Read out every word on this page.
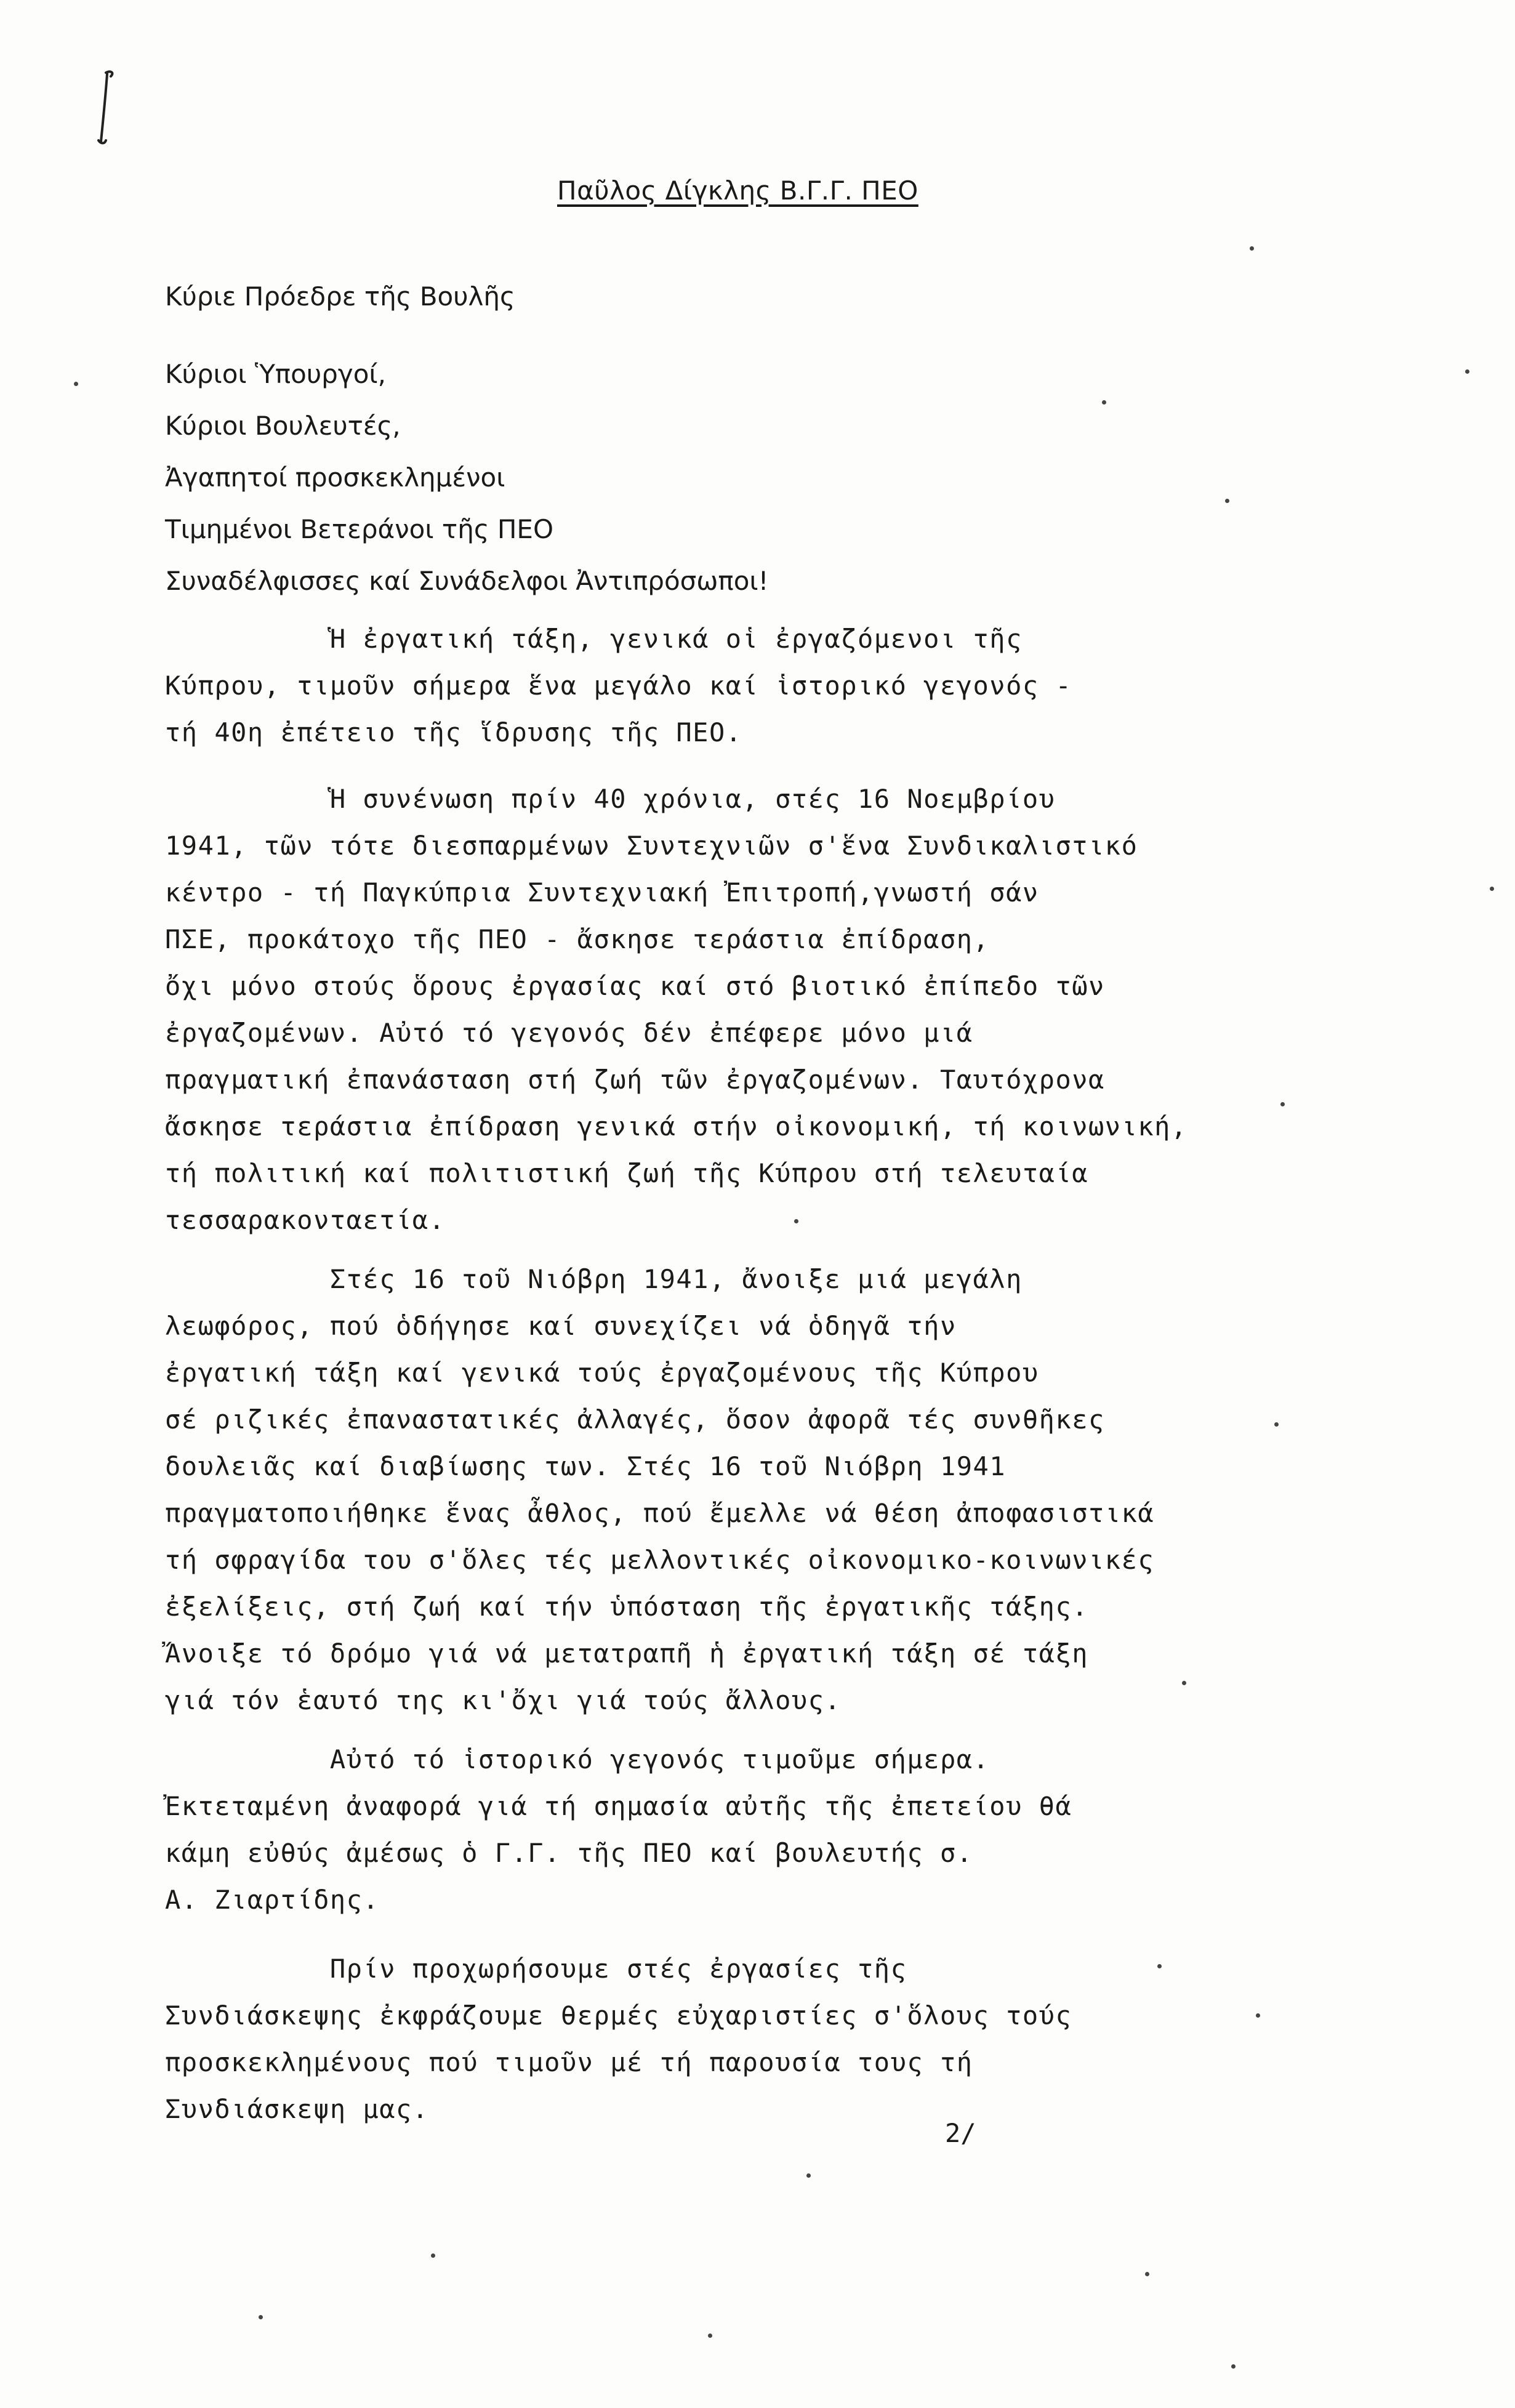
Παῦλος Δίγκλης Β.Γ.Γ. ΠΕΟ
Κύριε Πρόεδρε τῆς Βουλῆς
Κύριοι Ὑπουργοί,
Κύριοι Βουλευτές,
Ἀγαπητοί προσκεκλημένοι
Τιμημένοι Βετεράνοι τῆς ΠΕΟ
Συναδέλφισσες καί Συνάδελφοι Ἀντιπρόσωποι!
Ἡ ἐργατική τάξη, γενικά οἱ ἐργαζόμενοι τῆς
Κύπρου, τιμοῦν σήμερα ἕνα μεγάλο καί ἱστορικό γεγονός -
τή 40η ἐπέτειο τῆς ἵδρυσης τῆς ΠΕΟ.
Ἡ συνένωση πρίν 40 χρόνια, στές 16 Νοεμβρίου
1941, τῶν τότε διεσπαρμένων Συντεχνιῶν σ'ἕνα Συνδικαλιστικό
κέντρο - τή Παγκύπρια Συντεχνιακή Ἐπιτροπή,γνωστή σάν
ΠΣΕ, προκάτοχο τῆς ΠΕΟ - ἄσκησε τεράστια ἐπίδραση,
ὄχι μόνο στούς ὅρους ἐργασίας καί στό βιοτικό ἐπίπεδο τῶν
ἐργαζομένων. Αὐτό τό γεγονός δέν ἐπέφερε μόνο μιά
πραγματική ἐπανάσταση στή ζωή τῶν ἐργαζομένων. Ταυτόχρονα
ἄσκησε τεράστια ἐπίδραση γενικά στήν οἰκονομική, τή κοινωνική,
τή πολιτική καί πολιτιστική ζωή τῆς Κύπρου στή τελευταία
τεσσαρακονταετία.
Στές 16 τοῦ Νιόβρη 1941, ἄνοιξε μιά μεγάλη
λεωφόρος, πού ὁδήγησε καί συνεχίζει νά ὁδηγᾶ τήν
ἐργατική τάξη καί γενικά τούς ἐργαζομένους τῆς Κύπρου
σέ ριζικές ἐπαναστατικές ἀλλαγές, ὅσον ἀφορᾶ τές συνθῆκες
δουλειᾶς καί διαβίωσης των. Στές 16 τοῦ Νιόβρη 1941
πραγματοποιήθηκε ἕνας ἆθλος, πού ἔμελλε νά θέση ἀποφασιστικά
τή σφραγίδα του σ'ὅλες τές μελλοντικές οἰκονομικο-κοινωνικές
ἐξελίξεις, στή ζωή καί τήν ὑπόσταση τῆς ἐργατικῆς τάξης.
Ἄνοιξε τό δρόμο γιά νά μετατραπῆ ἡ ἐργατική τάξη σέ τάξη
γιά τόν ἑαυτό της κι'ὄχι γιά τούς ἄλλους.
Αὐτό τό ἱστορικό γεγονός τιμοῦμε σήμερα.
Ἐκτεταμένη ἀναφορά γιά τή σημασία αὐτῆς τῆς ἐπετείου θά
κάμη εὐθύς ἀμέσως ὁ Γ.Γ. τῆς ΠΕΟ καί βουλευτής σ.
Α. Ζιαρτίδης.
Πρίν προχωρήσουμε στές ἐργασίες τῆς
Συνδιάσκεψης ἐκφράζουμε θερμές εὐχαριστίες σ'ὅλους τούς
προσκεκλημένους πού τιμοῦν μέ τή παρουσία τους τή
Συνδιάσκεψη μας.
2/
